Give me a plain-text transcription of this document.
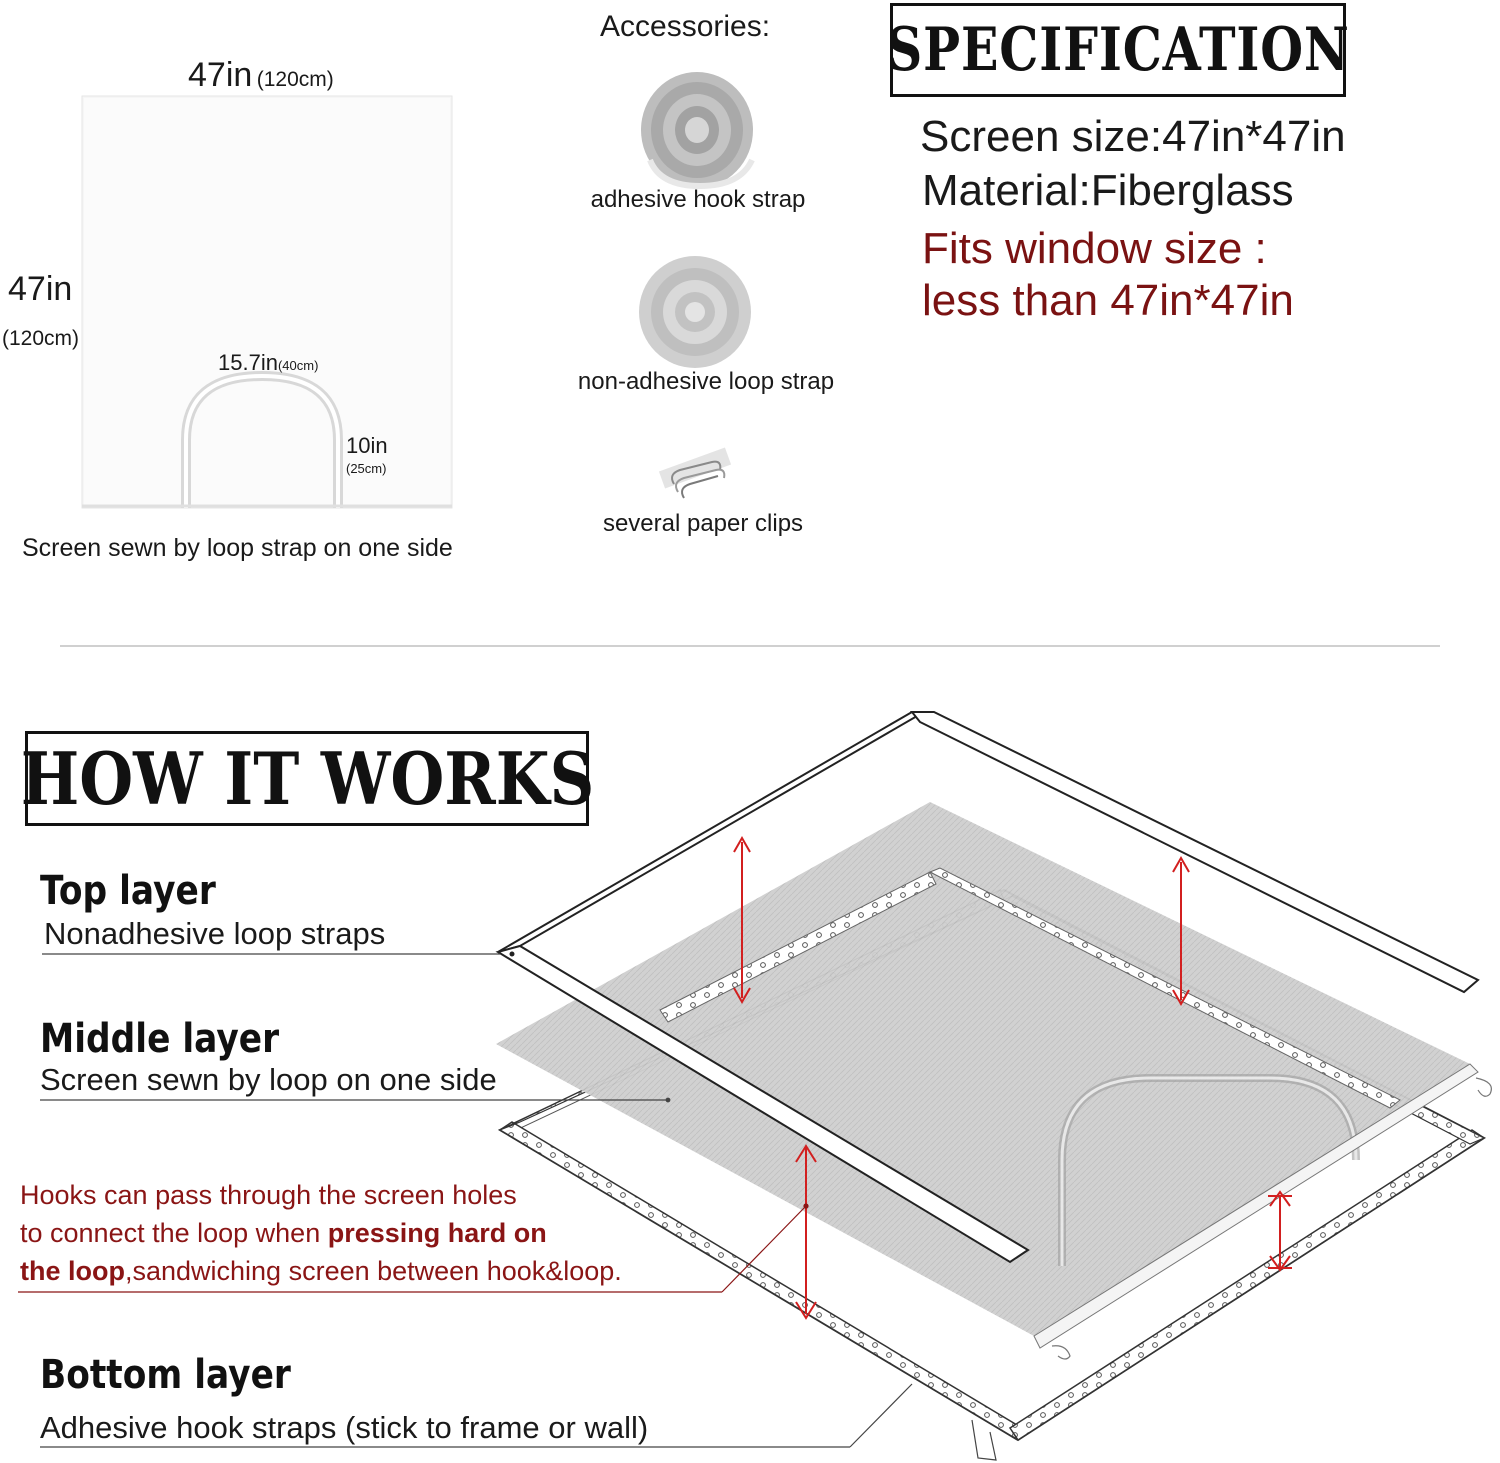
47in (120cm)
47in
(120cm)
15.7in(40cm)
10in
(25cm)
Screen sewn by loop strap on one side
Accessories:
adhesive hook strap
non-adhesive loop strap
several paper clips
SPECIFICATION
Screen size:47in*47in
Material:Fiberglass
Fits window size :
less than 47in*47in
HOW IT WORKS
Top layer
Nonadhesive loop straps
Middle layer
Screen sewn by loop on one side
Hooks can pass through the screen holes
to connect the loop when pressing hard on
the loop,sandwiching screen between hook&loop.
Bottom layer
Adhesive hook straps (stick to frame or wall)
